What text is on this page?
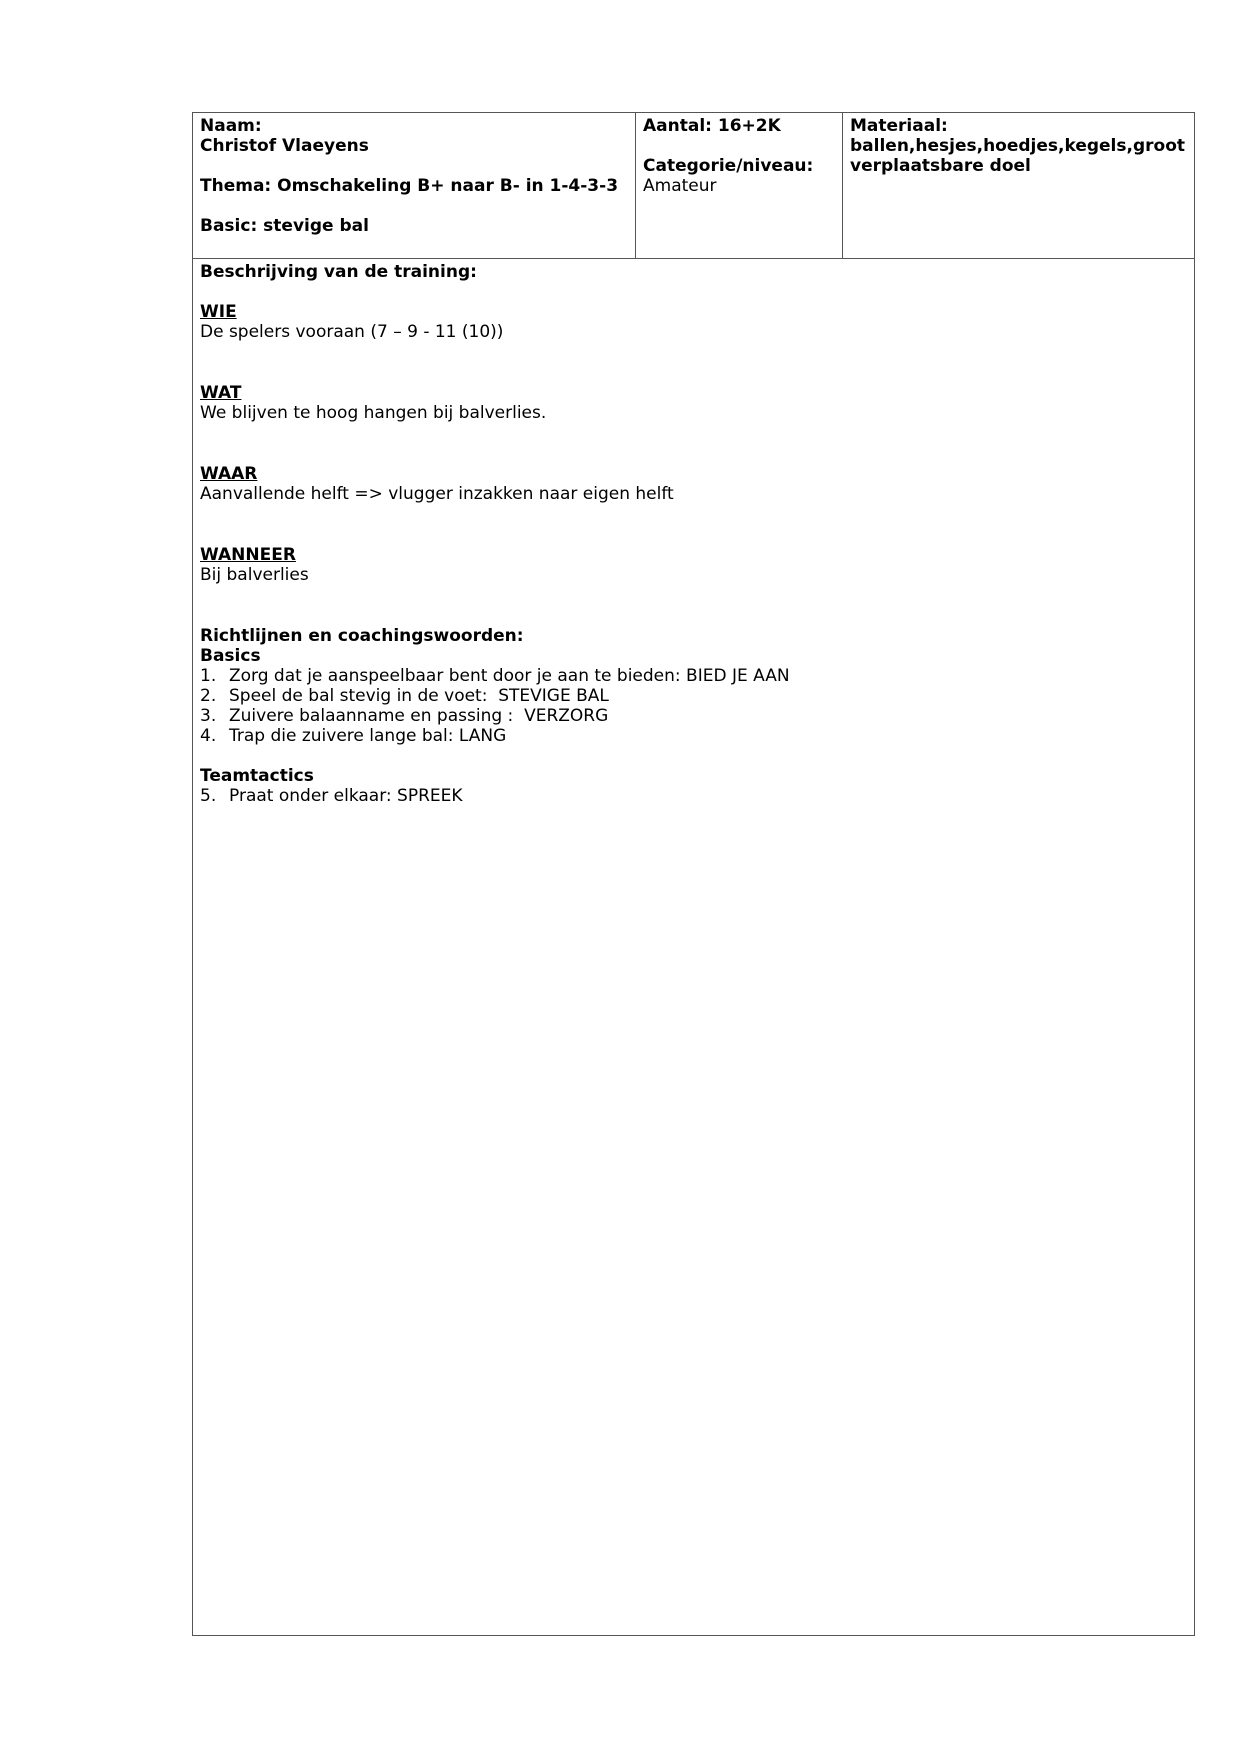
Naam:
Christof Vlaeyens
Thema: Omschakeling B+ naar B- in 1-4-3-3
Basic: stevige bal
Aantal: 16+2K
Categorie/niveau:
Amateur
Materiaal:
ballen,hesjes,hoedjes,kegels,groot
verplaatsbare doel
Beschrijving van de training:
WIE
De spelers vooraan (7 – 9 - 11 (10))
WAT
We blijven te hoog hangen bij balverlies.
WAAR
Aanvallende helft => vlugger inzakken naar eigen helft
WANNEER
Bij balverlies
Richtlijnen en coachingswoorden:
Basics
1. Zorg dat je aanspeelbaar bent door je aan te bieden: BIED JE AAN
2. Speel de bal stevig in de voet:  STEVIGE BAL
3. Zuivere balaanname en passing :  VERZORG
4. Trap die zuivere lange bal: LANG
Teamtactics
5. Praat onder elkaar: SPREEK
